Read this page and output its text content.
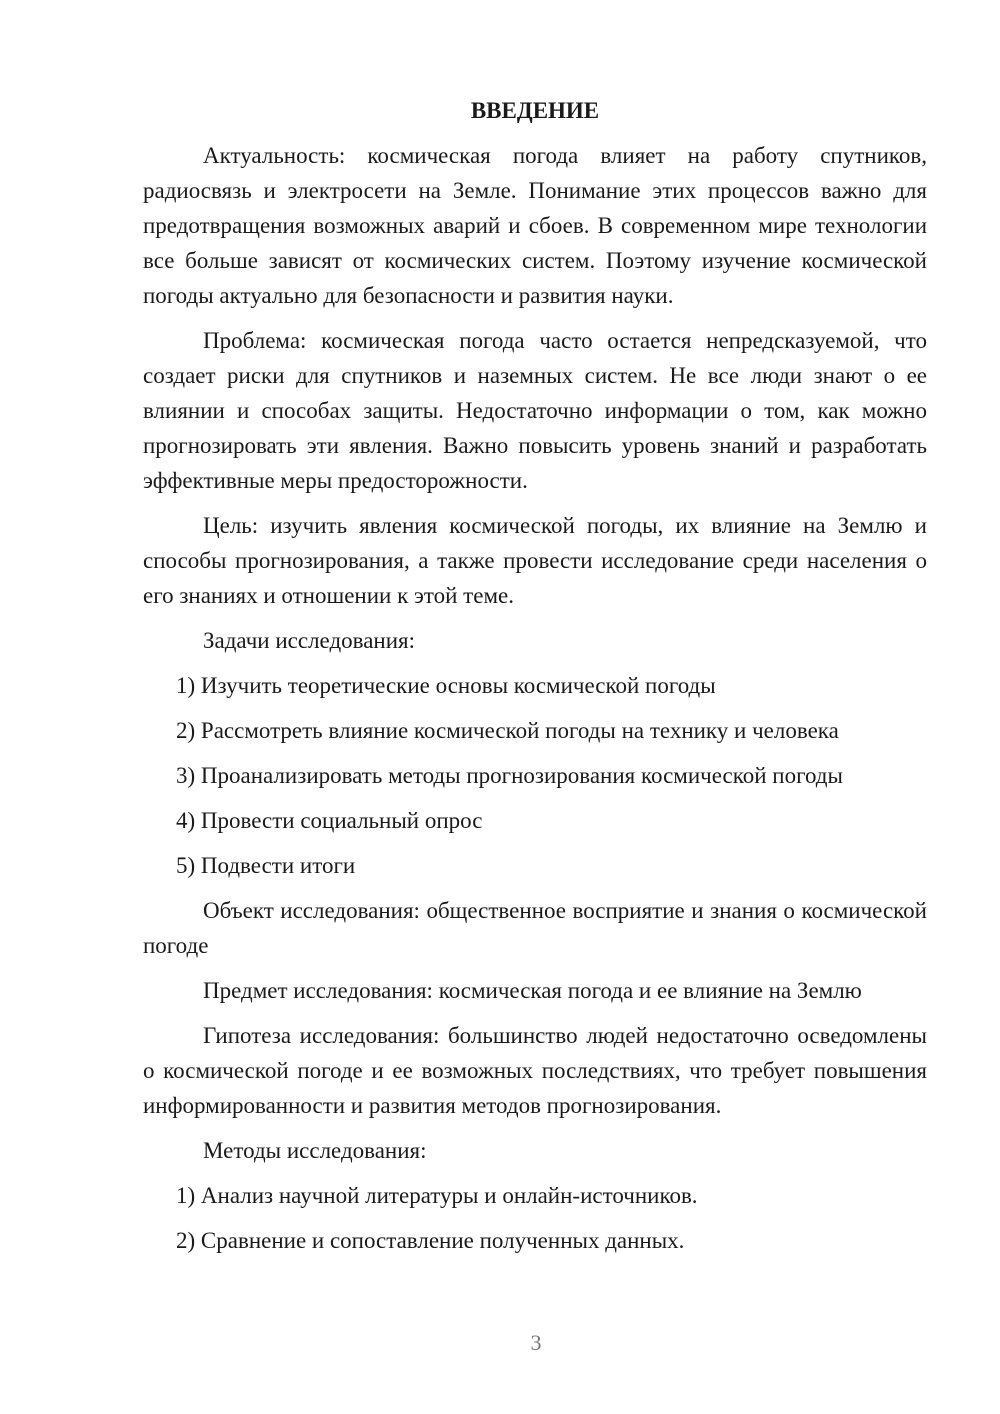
ВВЕДЕНИЕ
Актуальность: космическая погода влияет на работу спутников, радиосвязь и электросети на Земле. Понимание этих процессов важно для предотвращения возможных аварий и сбоев. В современном мире технологии все больше зависят от космических систем. Поэтому изучение космической погоды актуально для безопасности и развития науки.
Проблема: космическая погода часто остается непредсказуемой, что создает риски для спутников и наземных систем. Не все люди знают о ее влиянии и способах защиты. Недостаточно информации о том, как можно прогнозировать эти явления. Важно повысить уровень знаний и разработать эффективные меры предосторожности.
Цель: изучить явления космической погоды, их влияние на Землю и способы прогнозирования, а также провести исследование среди населения о его знаниях и отношении к этой теме.
Задачи исследования:
1) Изучить теоретические основы космической погоды
2) Рассмотреть влияние космической погоды на технику и человека
3) Проанализировать методы прогнозирования космической погоды
4) Провести социальный опрос
5) Подвести итоги
Объект исследования: общественное восприятие и знания о космической погоде
Предмет исследования: космическая погода и ее влияние на Землю
Гипотеза исследования: большинство людей недостаточно осведомлены о космической погоде и ее возможных последствиях, что требует повышения информированности и развития методов прогнозирования.
Методы исследования:
1) Анализ научной литературы и онлайн-источников.
2) Сравнение и сопоставление полученных данных.
3
